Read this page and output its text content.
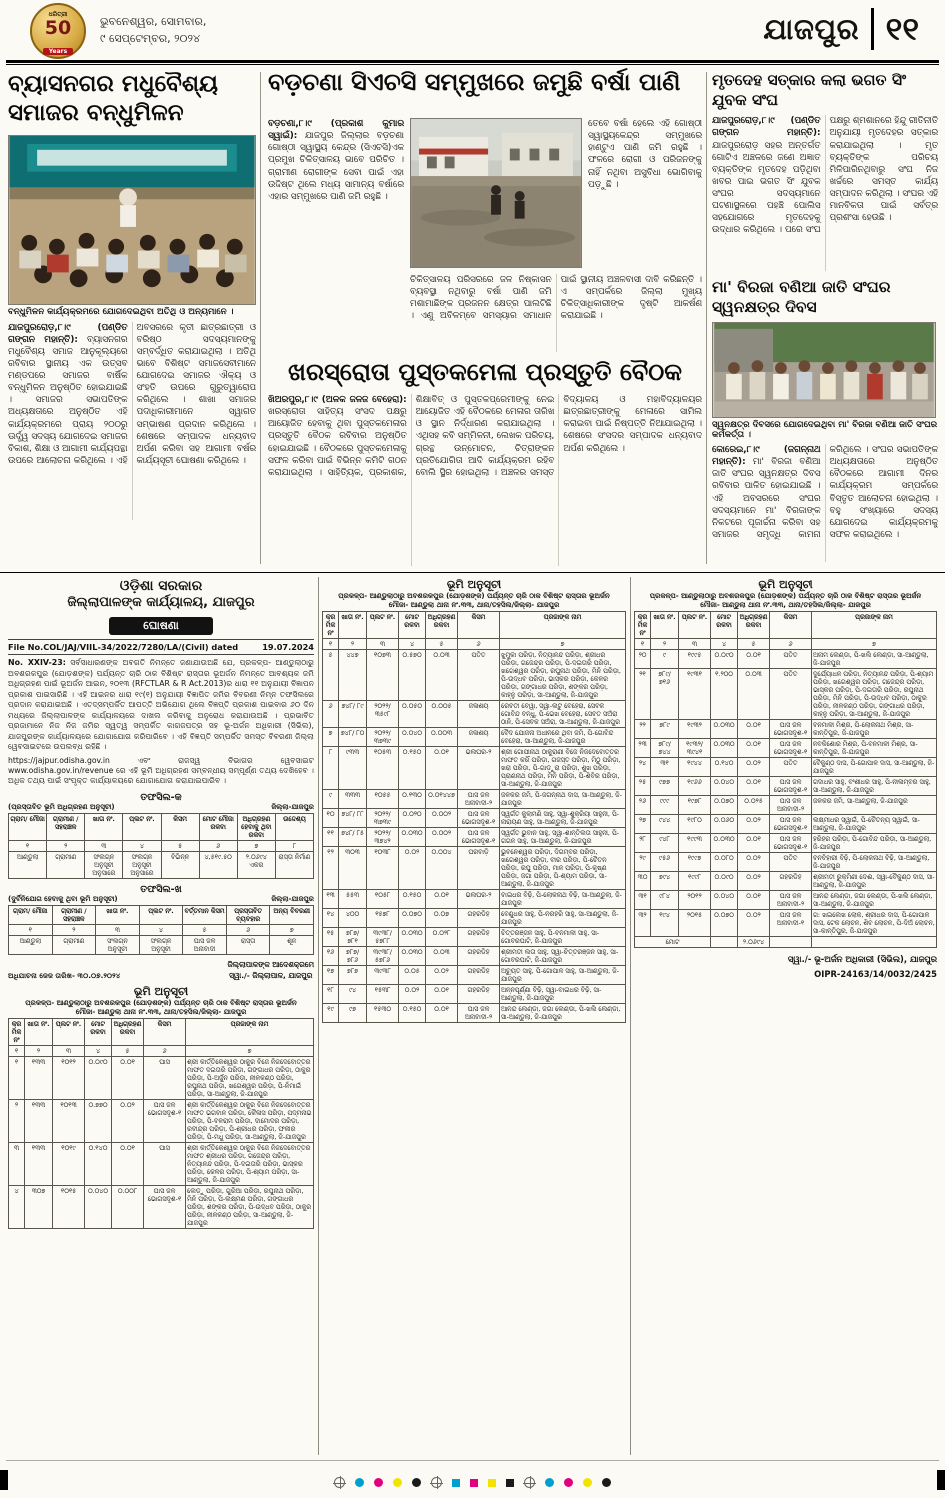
ଧରିତ୍ରୀ
50
Years
ଭୁବନେଶ୍ୱର, ସୋମବାର,
୯ ସେପ୍ଟେମ୍ବର, ୨୦୨୪	ଯାଜପୁର ୧୧
ବ୍ୟାସନଗର ମଧୁବୈଶ୍ୟ ସମାଜର ବନ୍ଧୁମିଳନ
ବନ୍ଧୁମିଳନ କାର୍ଯ୍ୟକ୍ରମରେ ଯୋଗଦେଇଥିବା ଅତିଥି ଓ ଅନ୍ୟମାନେ ।
ଯାଜପୁରରୋଡ଼,୮।୯ (ପଣ୍ଡିତ ଗଙ୍ଗନ ମହାନ୍ତି): ବ୍ୟାସନଗର ମଧୁବୈଶ୍ୟ ସମାଜ ଆନୁକୂଲ୍ୟରେ ରବିବାର ସ୍ଥାନୀୟ ଏକ ଉତ୍ସବ ମଣ୍ଡପରେ ସମାଜର ବାର୍ଷିକ ବନ୍ଧୁମିଳନ ଅନୁଷ୍ଠିତ ହୋଇଯାଇଛି । ସମାଜର ସଭାପତିଙ୍କ ଅଧ୍ୟକ୍ଷତାରେ ଅନୁଷ୍ଠିତ ଏହି କାର୍ଯ୍ୟକ୍ରମରେ ପ୍ରାୟ ୨୦୦ରୁ ଊର୍ଦ୍ଧ୍ୱ ସଦସ୍ୟ ଯୋଗଦେଇ ସମାଜର ବିକାଶ, ଶିକ୍ଷା ଓ ଆଗାମୀ କାର୍ଯ୍ୟପନ୍ଥା ଉପରେ ଆଲୋଚନା କରିଥିଲେ । ଏହି ଅବସରରେ କୃତୀ ଛାତ୍ରଛାତ୍ରୀ ଓ ବରିଷ୍ଠ ସଦସ୍ୟମାନଙ୍କୁ ସମ୍ବର୍ଦ୍ଧିତ କରାଯାଇଥିଲା । ଅତିଥି ଭାବେ ବିଶିଷ୍ଟ ସମାଜସେବୀମାନେ ଯୋଗଦେଇ ସମାଜର ଐକ୍ୟ ଓ ସଂହତି ଉପରେ ଗୁରୁତ୍ୱାରୋପ କରିଥିଲେ । ଶାଖା ସମାଜର ପଦାଧିକାରୀମାନେ ସ୍ୱାଗତ ସମ୍ଭାଷଣ ପ୍ରଦାନ କରିଥିଲେ । ଶେଷରେ ସମ୍ପାଦକ ଧନ୍ୟବାଦ ଅର୍ପଣ କରିବା ସହ ଆଗାମୀ ବର୍ଷର କାର୍ଯ୍ୟସୂଚୀ ଘୋଷଣା କରିଥିଲେ ।
ବଡ଼ଚଣା ସିଏଚସି ସମ୍ମୁଖରେ ଜମୁଛି ବର୍ଷା ପାଣି
ବଡ଼ଚଣା,୮।୯ (ପ୍ରକାଶ କୁମାର ସ୍ୱାଇଁ): ଯାଜପୁର ଜିଲ୍ଲାର ବଡ଼ଚଣା ଗୋଷ୍ଠୀ ସ୍ୱାସ୍ଥ୍ୟ କେନ୍ଦ୍ର (ସିଏଚସି)ଏକ ପ୍ରମୁଖ ଚିକିତ୍ସାଳୟ ଭାବେ ପରିଚିତ । ଗ୍ରାମୀଣ ରୋଗୀଙ୍କ ସେବା ପାଇଁ ଏହା ଉଦ୍ଦିଷ୍ଟ ଥିଲେ ମଧ୍ୟ ସାମାନ୍ୟ ବର୍ଷାରେ ଏହାର ସମ୍ମୁଖରେ ପାଣି ଜମି ରହୁଛି ।
ତେବେ ବର୍ଷା ହେଲେ ଏହି ଗୋଷ୍ଠୀ ସ୍ୱାସ୍ଥ୍ୟକେନ୍ଦ୍ର ସମ୍ମୁଖରେ ହାଣ୍ଟୁଏ ପାଣି ଜମି ରହୁଛି । ଫଳରେ ରୋଗୀ ଓ ପରିଜନଙ୍କୁ ନାହିଁ ନଥିବା ଅସୁବିଧା ଭୋଗିବାକୁ ପଡ଼ୁଛି ।
ଚିକିତ୍ସାଳୟ ପରିସରରେ ଜଳ ନିଷ୍କାସନ ବ୍ୟବସ୍ଥା ନଥିବାରୁ ବର୍ଷା ପାଣି ଜମି ମଶାମାଛିଙ୍କ ପ୍ରଜନନ କ୍ଷେତ୍ର ପାଲଟିଛି । ଏଣୁ ଅବିଳମ୍ବେ ସମସ୍ୟାର ସମାଧାନ ପାଇଁ ସ୍ଥାନୀୟ ଅଞ୍ଚଳବାସୀ ଦାବି କରିଛନ୍ତି । ଏ ସମ୍ପର୍କରେ ଜିଲ୍ଲା ମୁଖ୍ୟ ଚିକିତ୍ସାଧିକାରୀଙ୍କ ଦୃଷ୍ଟି ଆକର୍ଷଣ କରାଯାଇଛି ।
ଖରସ୍ରୋତା ପୁସ୍ତକମେଳା ପ୍ରସ୍ତୁତି ବୈଠକ
ଖିଅରପୁର,୮।୯ (ଅଳକ ଜଳଜ ବେହେରା): ଖରସ୍ରୋତା ସାହିତ୍ୟ ସଂସଦ ପକ୍ଷରୁ ଆୟୋଜିତ ହେବାକୁ ଥିବା ପୁସ୍ତକମେଳାର ପ୍ରସ୍ତୁତି ବୈଠକ ରବିବାର ଅନୁଷ୍ଠିତ ହୋଇଯାଇଛି । ବୈଠକରେ ପୁସ୍ତକମେଳାକୁ ସଫଳ କରିବା ପାଇଁ ବିଭିନ୍ନ କମିଟି ଗଠନ କରାଯାଇଥିଲା । ସାହିତ୍ୟିକ, ପ୍ରକାଶକ, ଶିକ୍ଷାବିତ୍ ଓ ପୁସ୍ତକପ୍ରେମୀଙ୍କୁ ନେଇ ଆୟୋଜିତ ଏହି ବୈଠକରେ ମେଳାର ତାରିଖ ଓ ସ୍ଥାନ ନିର୍ଦ୍ଧାରଣ କରାଯାଇଥିଲା । ଏଥିସହ କବି ସମ୍ମିଳନୀ, ଲେଖକ ପରିଚୟ, ଗ୍ରନ୍ଥ ଉନ୍ମୋଚନ, ଚିତ୍ରାଙ୍କନ ପ୍ରତିଯୋଗିତା ଆଦି କାର୍ଯ୍ୟକ୍ରମ ରହିବ ବୋଲି ସ୍ଥିର ହୋଇଥିଲା । ଅଞ୍ଚଳର ସମସ୍ତ ବିଦ୍ୟାଳୟ ଓ ମହାବିଦ୍ୟାଳୟର ଛାତ୍ରଛାତ୍ରୀଙ୍କୁ ମେଳାରେ ସାମିଲ କରାଇବା ପାଇଁ ନିଷ୍ପତ୍ତି ନିଆଯାଇଥିଲା । ଶେଷରେ ସଂସଦର ସମ୍ପାଦକ ଧନ୍ୟବାଦ ଅର୍ପଣ କରିଥିଲେ ।
ମୃତଦେହ ସତ୍କାର କଲା ଭଗତ ସିଂ ଯୁବକ ସଂଘ
ଯାଜପୁରରୋଡ଼,୮।୯ (ପଣ୍ଡିତ ଗଙ୍ଗନ ମହାନ୍ତି): ଯାଜପୁରରୋଡ଼ ସହର ଅନ୍ତର୍ଗତ ଗୋଟିଏ ଅଞ୍ଚଳରେ ଜଣେ ଅଜ୍ଞାତ ବ୍ୟକ୍ତିଙ୍କ ମୃତଦେହ ପଡ଼ିଥିବା ଖବର ପାଇ ଭଗତ ସିଂ ଯୁବକ ସଂଘର ସଦସ୍ୟମାନେ ଘଟଣାସ୍ଥଳରେ ପହଞ୍ଚି ପୋଲିସ ସହଯୋଗରେ ମୃତଦେହକୁ ଉଦ୍ଧାର କରିଥିଲେ । ପରେ ସଂଘ ପକ୍ଷରୁ ଶ୍ମଶାନରେ ହିନ୍ଦୁ ରୀତିନୀତି ଅନୁଯାୟୀ ମୃତଦେହର ସତ୍କାର କରାଯାଇଥିଲା । ମୃତ ବ୍ୟକ୍ତିଙ୍କ ପରିଚୟ ମିଳିପାରିନଥିବାରୁ ସଂଘ ନିଜ ଖର୍ଚ୍ଚରେ ସମସ୍ତ କାର୍ଯ୍ୟ ସମ୍ପାଦନ କରିଥିଲା । ସଂଘର ଏହି ମାନବିକତା ପାଇଁ ସର୍ବତ୍ର ପ୍ରଶଂସା ହେଉଛି ।
ମା' ବିରଜା ବଣିଆ ଜାତି ସଂଘର ସ୍ୱନକ୍ଷତ୍ର ଦିବସ
ସ୍ୱନକ୍ଷତ୍ର ଦିବସରେ ଯୋଗଦେଇଥିବା ମା' ବିରଜା ବଣିଆ ଜାତି ସଂଘର କର୍ମକର୍ତ୍ତା ।
କୋରେଇ,୮।୯ (ଜଗନ୍ନାଥ ମହାନ୍ତି): ମା' ବିରଜା ବଣିଆ ଜାତି ସଂଘର ସ୍ୱନକ୍ଷତ୍ର ଦିବସ ରବିବାର ପାଳିତ ହୋଇଯାଇଛି । ଏହି ଅବସରରେ ସଂଘର ସଦସ୍ୟମାନେ ମା' ବିରଜାଙ୍କ ନିକଟରେ ପୂଜାର୍ଚ୍ଚନା କରିବା ସହ ସମାଜର ସମୃଦ୍ଧି କାମନା କରିଥିଲେ । ସଂଘର ସଭାପତିଙ୍କ ଅଧ୍ୟକ୍ଷତାରେ ଅନୁଷ୍ଠିତ ବୈଠକରେ ଆଗାମୀ ଦିନର କାର୍ଯ୍ୟକ୍ରମ ସମ୍ପର୍କରେ ବିସ୍ତୃତ ଆଲୋଚନା ହୋଇଥିଲା । ବହୁ ସଂଖ୍ୟାରେ ସଦସ୍ୟ ଯୋଗଦେଇ କାର୍ଯ୍ୟକ୍ରମକୁ ସଫଳ କରାଇଥିଲେ ।
ଓଡ଼ିଶା ସରକାର
ଜିଲ୍ଲାପାଳଙ୍କ କାର୍ଯ୍ୟାଳୟ, ଯାଜପୁର
ଘୋଷଣା
File No.COL/JAJ/VIIL-34/2022/7280/LA/(Civil) dated	19.07.2024
No. XXIV-23: ସର୍ବସାଧାରଣଙ୍କ ଅବଗତି ନିମନ୍ତେ ଜଣାଯାଉଅଛି ଯେ, ପ୍ରକଳ୍ପ- ଆଣ୍ଡୁଲାଠାରୁ ଅବଶରକପୁର (ଯୋଡ଼ଶଙ୍କ) ପର୍ଯ୍ୟନ୍ତ ଚାରି ଠାକ ବିଶିଷ୍ଟ ରାସ୍ତାର ଭୂଅର୍ଜନ ନିମନ୍ତେ ଆବଶ୍ୟକ ଜମି ଅଧିଗ୍ରହଣ ପାଇଁ ଭୂଅର୍ଜନ ଆଇନ, ୨୦୧୩ (RFCTLAR & R Act.2013)ର ଧାରା ୧୧ ଅନୁଯାୟୀ ବିଜ୍ଞାପନ ପ୍ରକାଶ ପାଇସାରିଛି । ଏହି ଆଇନର ଧାରା ୧୯(୧) ଅନୁଯାୟୀ ବିଜ୍ଞାପିତ ଜମିର ବିବରଣୀ ନିମ୍ନ ତଫସିଲରେ ପ୍ରଦାନ କରାଯାଇଅଛି । ଏତଦ୍‌ସମ୍ପର୍କିତ ଆପତ୍ତି ଅଭିଯୋଗ ଥିଲେ ବିଜ୍ଞପ୍ତି ପ୍ରକାଶ ପାଇବାର ୬୦ ଦିନ ମଧ୍ୟରେ ଜିଲ୍ଲାପାଳଙ୍କ କାର୍ଯ୍ୟାଳୟରେ ଦାଖଲ କରିବାକୁ ଅନୁରୋଧ କରାଯାଉଅଛି । ପ୍ରଭାବିତ ପ୍ରଜାମାନେ ନିଜ ନିଜ ଜମିର ସ୍ୱତ୍ୱ ସମ୍ପର୍କିତ କାଗଜପତ୍ର ସହ ଭୂ-ଅର୍ଜନ ଅଧିକାରୀ (ସିଭିଲ), ଯାଜପୁରଙ୍କ କାର୍ଯ୍ୟାଳୟରେ ଯୋଗାଯୋଗ କରିପାରିବେ । ଏହି ବିଜ୍ଞପ୍ତି ସମ୍ପର୍କିତ ସମସ୍ତ ବିବରଣୀ ଜିଲ୍ଲା ୱେବସାଇଟରେ ଉପଲବ୍ଧ ରହିଛି ।
https://jajpur.odisha.gov.in ଏବଂ ରାଜସ୍ୱ ବିଭାଗର ୱେବସାଇଟ www.odisha.gov.in/revenue ରେ ଏହି ଭୂମି ଅଧିଗ୍ରହଣ ସମ୍ବନ୍ଧୀୟ ସମ୍ପୂର୍ଣ୍ଣ ତଥ୍ୟ ଦେଖିହେବ । ଅଧିକ ତଥ୍ୟ ପାଇଁ ସଂପୃକ୍ତ କାର୍ଯ୍ୟାଳୟରେ ଯୋଗାଯୋଗ କରାଯାଇପାରିବ ।
ତଫସିଲ-କ
(ପ୍ରସ୍ତାବିତ ଭୂମି ଅଧିଗ୍ରହଣ ଅନୁସୂଚୀ)	ଜିଲ୍ଲା-ଯାଜପୁର
ଗ୍ରାମ/ ମୌଜା	ଗ୍ରାମୀଣ /ସହରାଞ୍ଚଳ	ଖାତା ନଂ.	ପ୍ଲଟ ନଂ.	କିସମ	ମୋଟ ମୌଜା ରକବା	ଅଧିଗ୍ରହଣ ହେବାକୁ ଥିବା ରକବା	ଉଦ୍ଦେଶ୍ୟ
୧	୨	୩	୪	୫	୬	୭	୮
ଆଣ୍ଡୁଲା	ଗ୍ରାମୀଣ	ସଂଲଗ୍ନ ଅନୁସୂଚୀ ଅନୁସାରେ	ସଂଲଗ୍ନ ଅନୁସୂଚୀ ଅନୁସାରେ	ବିଭିନ୍ନ	୪,୫୧୯.୫୦	୨.୦୬୯୪ ଏକର	ରାସ୍ତା ନିର୍ମାଣ
ତଫସିଲ-ଖ
(ଦୁର୍ବିନିଯୋଗ ହେବାକୁ ଥିବା ଭୂମି ଅନୁସୂଚୀ)	ଜିଲ୍ଲା-ଯାଜପୁର
ଗ୍ରାମ/ ମୌଜା	ଗ୍ରାମୀଣ /ସହରାଞ୍ଚଳ	ଖାତା ନଂ.	ପ୍ଲଟ ନଂ.	ବର୍ତ୍ତମାନ କିସମ	ପ୍ରସ୍ତାବିତ ବ୍ୟବହାର	ଅନ୍ୟ ବିବରଣୀ
୧	୨	୩	୪	୫	୬	୭
ଆଣ୍ଡୁଲା	ଗ୍ରାମୀଣ	ସଂଲଗ୍ନ ଅନୁସୂଚୀ	ସଂଲଗ୍ନ ଅନୁସୂଚୀ	ଘାସ ଜଳ ଅନାବାଦୀ	ରାସ୍ତା	ଶୂନ
ଅଧିଯାଚନା ଜେଜ ତାରିଖ- ୩୦.୦୭.୨୦୨୪
ଜିଲ୍ଲାପାଳଙ୍କ ଆଦେଶକ୍ରମେ
ସ୍ୱା./- ଜିଲ୍ଲାପାଳ, ଯାଜପୁର
ଭୂମି ଅନୁସୂଚୀ
ପ୍ରକଳ୍ପ- ଆଣ୍ଡୁଲାଠାରୁ ଅବଶରକପୁର (ଯୋଡ଼ଶଙ୍କ) ପର୍ଯ୍ୟନ୍ତ ଚାରି ଠାକ ବିଶିଷ୍ଟ ରାସ୍ତାର ଭୂଅର୍ଜନ
ମୌଜା- ଆଣ୍ଡୁଲା ଥାନା ନଂ.୩୩, ଥାନା/ତହସିଲ/ଜିଲ୍ଲା- ଯାଜପୁର
କ୍ରମିକ ନଂ	ଖାତା ନଂ.	ପ୍ଲଟ ନଂ.	ମୋଟ ରକବା	ଅଧିଗ୍ରହଣ ରକବା	କିସମ	ପ୍ରଜାଙ୍କ ନାମ
୧	୨	୩	୪	୫	୬	୭
୧	୧୩୩	୧୦୧୨	୦.୦୯୦	୦.୦୧	ଘାସ	ଶ୍ରୀ କାର୍ତ୍ତିକେଶ୍ୱର ଠାକୁର ବିଜେ ନିଜଦେବୋତ୍ତର ମାଫତ ଦଇତାରି ପରିଡ଼ା, ଗଙ୍ଗାଧର ପରିଡ଼ା, ଠାକୁର ପରିଡ଼ା, ପି-ଅର୍ଜୁନ ପରିଡ଼ା, ନୀଳକଣ୍ଠ ପରିଡ଼ା, ରଘୁନାଥ ପରିଡ଼ା, ଖଗେଶ୍ୱର ପରିଡ଼ା, ପି-ନିମାଇଁ ପରିଡ଼ା, ସା-ଆଣ୍ଡୁଲା, ଜି-ଯାଜପୁର
୨	୧୩୩	୧୦୧୩	୦.୭୭୦	୦.୦୨	ଘାସ ଜଳ ଭୋଗସଦୃଶ-୧	ଶ୍ରୀ କାର୍ତ୍ତିକେଶ୍ୱର ଠାକୁର ବିଜେ ନିଜଦେବୋତ୍ତର ମାଫତ ଭଗବାନ ପରିଡ଼ା, କୈଳାସ ପରିଡ଼ା, ପଦ୍ମନାଭ ପରିଡ଼ା, ପି-ବଳରାମ ପରିଡ଼ା, ଦାମୋଦର ପରିଡ଼ା, ରବୀନ୍ଦ୍ର ପରିଡ଼ା, ପି-ଶ୍ରୀଧର ପରିଡ଼ା, ଫକୀର ପରିଡ଼ା, ପି-ମଧୁ ପରିଡ଼ା, ସା-ଆଣ୍ଡୁଲା, ଜି-ଯାଜପୁର
୩	୧୩୩	୧୦୧୯	୦.୧୪୦	୦.୦୧	ଘାସ	ଶ୍ରୀ କାର୍ତ୍ତିକେଶ୍ୱର ଠାକୁର ବିଜେ ନିଜଦେବୋତ୍ତର ମାଫତ ଶ୍ରୀଧର ପରିଡ଼ା, ଗଜେନ୍ଦ୍ର ପରିଡ଼ା, ନିତ୍ୟାନନ୍ଦ ପରିଡ଼ା, ପି-ଦଇତାରି ପରିଡ଼ା, ଭାସ୍କର ପରିଡ଼ା, କେଳର ପରିଡ଼ା, ପି-ଶ୍ୟାମ ପରିଡ଼ା, ସା-ଆଣ୍ଡୁଲା, ଜି-ଯାଜପୁର
୪	୩୦୭	୧୦୧୫	୦.୦୪୦	୦.୦୦୮	ଘାସ ଜଳ ଭୋଗସଦୃଶ-୧	ଲେଡ଼ୁ ପରିଡ଼ା, ଗୁରିଆ ପରିଡ଼ା, ରଘୁନାଥ ପରିଡ଼ା, ମିନି ପରିଡ଼ା, ପି-ଲକ୍ଷ୍ମଣ ପରିଡ଼ା, ଗଙ୍ଗାଧର ପରିଡ଼ା, ଶଙ୍କର ପରିଡ଼ା, ପି-ଉଦ୍ଧବ ପରିଡ଼ା, ଠାକୁର ପରିଡ଼ା, ନୀଳକଣ୍ଠ ପରିଡ଼ା, ସା-ଆଣ୍ଡୁଲା, ଜି-ଯାଜପୁର
ଭୂମି ଅନୁସୂଚୀ
ପ୍ରକଳ୍ପ- ଆଣ୍ଡୁଲାଠାରୁ ଅବଶରକପୁର (ଯୋଡ଼ଶଙ୍କ) ପର୍ଯ୍ୟନ୍ତ ଚାରି ଠାକ ବିଶିଷ୍ଟ ରାସ୍ତାର ଭୂଅର୍ଜନ
ମୌଜା- ଆଣ୍ଡୁଲା ଥାନା ନଂ.୩୩, ଥାନା/ତହସିଲ/ଜିଲ୍ଲା- ଯାଜପୁର
କ୍ରମିକ ନଂ	ଖାତା ନଂ.	ପ୍ଲଟ ନଂ.	ମୋଟ ରକବା	ଅଧିଗ୍ରହଣ ରକବା	କିସମ	ପ୍ରଜାଙ୍କ ନାମ
୧	୨	୩	୪	୫	୬	୭
୫	୪୪୭	୧୦୭୩	୦.୫୭୦	୦.୦୩	ପତିତ	ଝୁମୁକା ପରିଡ଼ା, ନିତ୍ୟାନନ୍ଦ ପରିଡ଼ା, ଶ୍ରୀଧର ପରିଡ଼ା, ଗଜେନ୍ଦ୍ର ପରିଡ଼ା, ପି-ଦଇତାରି ପରିଡ଼ା, ଖଗେଶ୍ୱର ପରିଡ଼ା, ରଘୁନାଥ ପରିଡ଼ା, ମିନି ପରିଡ଼ା, ପି-ଉଦ୍ଧବ ପରିଡ଼ା, ଭାସ୍କର ପରିଡ଼ା, କେଳର ପରିଡ଼ା, ଗଙ୍ଗାଧର ପରିଡ଼ା, ଶଙ୍କର ପରିଡ଼ା, କାହ୍ନୁ ପରିଡ଼ା, ସା-ଆଣ୍ଡୁଲା, ଜି-ଯାଜପୁର
୬	୭୪୮/ ୮୯	୨୦୨୨/ ୩୫୯୮	୦.୦୫୦	୦.୦୦୫	ଜଳାଶୟ	ରେବତୀ ବେୱା, ସ୍ୱା-ଲଟୁ ବେହେରା, ସେବକ ଗୋବିନ୍ଦ ବନ୍ଧୁ, ପି-ଭେଖ ବେହେରା, ସେବତ ସଅଁରା ଠାନି, ପି-ସେବକ ସଅଁରା, ସା-ଆଣ୍ଡୁଲା, ଜି-ଯାଜପୁର
୭	୭୪୮/ ୮୦	୨୦୨୨/ ୩୭୩୯	୦.୦୪୦	୦.୦୦୩	ଜଳାଶୟ	ବୈଦ ଯୋଜନା ଅଧୀନରେ ଥିବା ଜମି, ପି-ଗୋବିନ୍ଦ ବେହେରା, ସା-ଆଣ୍ଡୁଲା, ଜି-ଯାଜପୁର
୮	୯୩୩	୧୦୫୩	୦.୧୫୦	୦.୦୧	ଭଲଘର-୨	ଶ୍ରୀ ଗୋପୀନାଥ ଠାକୁରାଣୀ ବିଜେ ନିଜଦେବୋତ୍ତର ମାଫତ କରିଁ ପରିଡ଼ା, ଗଜସ୍ତ ପରିଡ଼ା, ମିଠୁ ପରିଡ଼ା, ଖରା ପରିଡ଼ା, ପି-ଗାଡ଼ୁରା ପରିଡ଼ା, ଶୁଖ ପରିଡ଼ା, ପ୍ରାଣନାଥ ପରିଡ଼ା, ମିନି ପରିଡ଼ା, ପି-ଶିବିର ପରିଡ଼ା, ସା-ଆଣ୍ଡୁଲା, ଜି-ଯାଜପୁର
୯	୩୩୩	୧୦୫୫	୦.୧୩୦	୦.୦୧୪୪୭	ଘାସ ଜଳ ଅନାବାଦୀ-୨	ଜଳକର ଜମି, ପି-ଜଗନ୍ନାଥ ଦାସ, ସା-ଆଣ୍ଡୁଲା, ଜି-ଯାଜପୁର
୧୦	୭୪୮/ ୮୮	୨୦୨୨/ ୩୭୩୯	୦.୦୨୦	୦.୦୦୨	ଘାସ ଜଳ ଭୋଗସଦୃଶ-୧	ସ୍ୱର୍ଗତ କୁଲାମଣି ସାହୁ, ସ୍ୱା-ଶୁକ୍ରିୟା ସାହୁନୀ, ପି-ନାରାୟଣ ସାହୁ, ସା-ଆଣ୍ଡୁଲା, ଜି-ଯାଜପୁର
୧୧	୭୪୮/ ୮୫	୨୦୨୨/ ୩୭୪୨	୦.୦୩୦	୦.୦୦୨	ଘାସ ଜଳ ଭୋଗସଦୃଶ-୧	ସ୍ୱର୍ଗତ ଭୁବାନ ସାହୁ, ସ୍ୱା-ଶାନ୍ତିଲତା ସାହୁନୀ, ପି-ଗଗନ ସାହୁ, ସା-ଆଣ୍ଡୁଲା, ଜି-ଯାଜପୁର
୧୨	୩୦୩	୧୦୩୮	୦.୦୨	୦.୦୦୪	ଘରବାଡ଼ି	ଭୁବନେଶ୍ୱର ପରିଡ଼ା, ଦିଗମ୍ବର ପରିଡ଼ା, ଖଗେଶ୍ୱର ପରିଡ଼ା, ବୀର ପରିଡ଼ା, ପି-ଚୈତନ ପରିଡ଼ା, ରଘୁ ପରିଡ଼ା, ମାନ ପରିଡ଼ା, ପି-କୃଷ୍ଣ ପରିଡ଼ା, ଜଗା ପରିଡ଼ା, ପି-ଶ୍ୟାମ ପରିଡ଼ା, ସା-ଆଣ୍ଡୁଲା, ଜି-ଯାଜପୁର
୧୩	୫୫୩	୧୦୫୮	୦.୧୫୦	୦.୦୧	ଭଲଘର-୨	ବାଇଧର ବିଢ଼ି, ପି-ଲୋକନାଥ ବିଢ଼ି, ସା-ଆଣ୍ଡୁଲା, ଜି-ଯାଜପୁର
୧୪	୪୦୦	୧୫୭୮	୦.୦୭୦	୦.୦୭	ଗହରଡିହ	ବେଣୁଧର ସାହୁ, ପି-ନରହରି ସାହୁ, ସା-ଆଣ୍ଡୁଲା, ଜି-ଯାଜପୁର
୧୫	୭୮୭/ ୭୮୧	୩୯୩୮/ ୫୭୮୮	୦.୦୩୦	୦.୦୨୮	ଗହରଡିହ	ଚିତ୍ତରଞ୍ଜନ ସାହୁ, ପି-ବନମାଳୀ ସାହୁ, ସା-ଗୋବରଘାଟି, ଜି-ଯାଜପୁର
୧୬	୭୮୭/ ୭୮୬	୩୯୩୮/ ୫୭୮୬	୦.୦୩୦	୦.୦୩	ଗହରଡିହ	ଶ୍ରୀମତୀ ଲତା ସାହୁ, ସ୍ୱା-ଚିତ୍ତରଞ୍ଜନ ସାହୁ, ସା-ଗୋବରଘାଟି, ଜି-ଯାଜପୁର
୧୭	୭୮୭	୩୯୩୮	୦.୦୫	୦.୦୨	ଗହରଡିହ	ଅଚ୍ୟୁତ ସାହୁ, ପି-ଗୋପାଳ ସାହୁ, ସା-ଆଣ୍ଡୁଲା, ଜି-ଯାଜପୁର
୧୮	୯୪	୧୫୩୮	୦.୦୨	୦.୦୧	ଗହରଡିହ	ଅନ୍ନପୂର୍ଣ୍ଣା ବିଢ଼ି, ସ୍ୱା-ବାଇଧର ବିଢ଼ି, ସା-ଆଣ୍ଡୁଲା, ଜି-ଯାଜପୁର
୧୯	୯୭	୧୫୩୦	୦.୧୫୦	୦.୦୧	ଘାସ ଜଳ ଅନାବାଦୀ-୨	ଆନନ୍ଦ ଲେଣ୍ଡା, ଜଗା ଲେଣ୍ଡା, ପି-ଖଲି ଲେଣ୍ଡା, ସା-ଆଣ୍ଡୁଲା, ଜି-ଯାଜପୁର
ଭୂମି ଅନୁସୂଚୀ
ପ୍ରକଳ୍ପ- ଆଣ୍ଡୁଲାଠାରୁ ଅବଶରକପୁର (ଯୋଡ଼ଶଙ୍କ) ପର୍ଯ୍ୟନ୍ତ ଚାରି ଠାକ ବିଶିଷ୍ଟ ରାସ୍ତାର ଭୂଅର୍ଜନ
ମୌଜା- ଆଣ୍ଡୁଲା ଥାନା ନଂ.୩୩, ଥାନା/ତହସିଲ/ଜିଲ୍ଲା- ଯାଜପୁର
କ୍ରମିକ ନଂ	ଖାତା ନଂ.	ପ୍ଲଟ ନଂ.	ମୋଟ ରକବା	ଅଧିଗ୍ରହଣ ରକବା	କିସମ	ପ୍ରଜାଙ୍କ ନାମ
୧	୨	୩	୪	୫	୬	୭
୨୦	୯	୧୯୯୫	୦.୦୯୦	୦.୦୧	ପତିତ	ଅନାମ ଲେଣ୍ଡା, ପି-ଖଲି ଲେଣ୍ଡା, ସା-ଆଣ୍ଡୁଲା, ଜି-ଯାଜପୁର
୨୧	୭୮୯/ ୭୧୬	୧୯୩୧	୧.୨୦୦	୦.୦୩	ପତିତ	ଦୁର୍ଯ୍ୟୋଧନ ପରିଡ଼ା, ନିତ୍ୟାନନ୍ଦ ପରିଡ଼ା, ପି-ଶ୍ୟାମ ପରିଡ଼ା, ଖଗେଶ୍ୱର ପରିଡ଼ା, ଗଜେନ୍ଦ୍ର ପରିଡ଼ା, ଭାସ୍କର ପରିଡ଼ା, ପି-ଦଇତାରି ପରିଡ଼ା, ରଘୁନାଥ ପରିଡ଼ା, ମିନି ପରିଡ଼ା, ପି-ଉଦ୍ଧବ ପରିଡ଼ା, ଠାକୁର ପରିଡ଼ା, ନୀଳକଣ୍ଠ ପରିଡ଼ା, ଗଙ୍ଗାଧର ପରିଡ଼ା, କାହ୍ନୁ ପରିଡ଼ା, ସା-ଆଣ୍ଡୁଲା, ଜି-ଯାଜପୁର
୨୨	୭୮୯	୧୯୩୨	୦.୦୩୦	୦.୦୧	ଘାସ ଜଳ ଭୋଗସଦୃଶ-୧	ବନମାଳୀ ମିଶ୍ର, ପି-ଲୋକନାଥ ମିଶ୍ର, ସା-କାନ୍ତିପୁର, ଜି-ଯାଜପୁର
୨୩	୭୮୯/ ୭୪୪	୧୯୩୨/ ୩୯୪୧	୦.୦୩୦	୦.୦୧	ଘାସ ଜଳ ଭୋଗସଦୃଶ-୧	ନବକିଶୋର ମିଶ୍ର, ପି-ବନମାଳୀ ମିଶ୍ର, ସା-କାନ୍ତିପୁର, ଜି-ଯାଜପୁର
୨୪	୩୧	୧୯୪୪	୦.୧୪୦	୦.୦୨	ପତିତ	ବୈକୁଣ୍ଠ ଦାସ, ପି-ଗୋପାଳ ଦାସ, ସା-ଆଣ୍ଡୁଲା, ଜି-ଯାଜପୁର
୨୫	୯୭୭	୧୯୬୬	୦.୦୪୦	୦.୦୧	ଘାସ ଜଳ ଭୋଗସଦୃଶ-୧	ଗଦାଧର ସାହୁ, ବଂଶୀଧର ସାହୁ, ପି-ନୀଳାମ୍ବର ସାହୁ, ସା-ଆଣ୍ଡୁଲା, ଜି-ଯାଜପୁର
୨୬	୯୯୯	୧୯୭୮	୦.୦୭୦	୦.୦୨୫	ଘାସ ଜଳ ଅନାବାଦୀ-୨	ଜଳକର ଜମି, ସା-ଆଣ୍ଡୁଲା, ଜି-ଯାଜପୁର
୨୭	୯୪୪	୧୯୮୦	୦.୦୬୦	୦.୦୨	ଘାସ ଜଳ ଭୋଗସଦୃଶ-୧	ଲକ୍ଷ୍ମୀଧର ସ୍ୱାଇଁ, ପି-ଚୈତନ୍ୟ ସ୍ୱାଇଁ, ସା-ଆଣ୍ଡୁଲା, ଜି-ଯାଜପୁର
୨୮	୯୪୮	୧୯୯୩	୦.୦୩୦	୦.୦୧	ଘାସ ଜଳ ଭୋଗସଦୃଶ-୧	ହରିହର ପରିଡ଼ା, ପି-ଗୋବିନ୍ଦ ପରିଡ଼ା, ସା-ଆଣ୍ଡୁଲା, ଜି-ଯାଜପୁର
୨୯	୯୫୬	୧୯୯୭	୦.୦୮୦	୦.୦୨	ପତିତ	ବନବିହାରୀ ବିଢ଼ି, ପି-ଲୋକନାଥ ବିଢ଼ି, ସା-ଆଣ୍ଡୁଲା, ଜି-ଯାଜପୁର
୩୦	୭୯୪	୧୯୯୮	୦.୦୯୦	୦.୦୨	ଗହରଡିହ	ଶ୍ରୀମତୀ ରୁକ୍ମିଣୀ ଦେଈ, ସ୍ୱା-ବୈକୁଣ୍ଠ ଦାସ, ସା-ଆଣ୍ଡୁଲା, ଜି-ଯାଜପୁର
୩୧	୯୮୪	୨୦୧୨	୦.୦୪୦	୦.୦୧	ଘାସ ଜଳ ଅନାବାଦୀ-୨	ଆନନ୍ଦ ଲେଣ୍ଡା, ଜଗା ଲେଣ୍ଡା, ପି-ଖଲି ଲେଣ୍ଡା, ସା-ଆଣ୍ଡୁଲା, ଜି-ଯାଜପୁର
୩୨	୧୯୪	୨୦୧୫	୦.୦୭୦	୦.୦୨	ଘାସ ଜଳ ଅନାବାଦୀ-୧	ଗ: ଖଇଲେଖ ଲୋକ, ଶ୍ରୀଧର ଦାସ, ପି-ଗୋପାଳ ଦାସ, ଟେକ ଲୋଚନ, ଶିବ ଲୋଚନ, ପି-ଦିଅଁ ଲୋଚନ, ସା-କାନ୍ତିପୁର, ଜି-ଯାଜପୁର
ମୋଟ				୨.୦୬୯୪		
ସ୍ୱା./- ଭୂ-ଅର୍ଜନ ଅଧିକାରୀ (ସିଭିଲ), ଯାଜପୁର
OIPR-24163/14/0032/2425
